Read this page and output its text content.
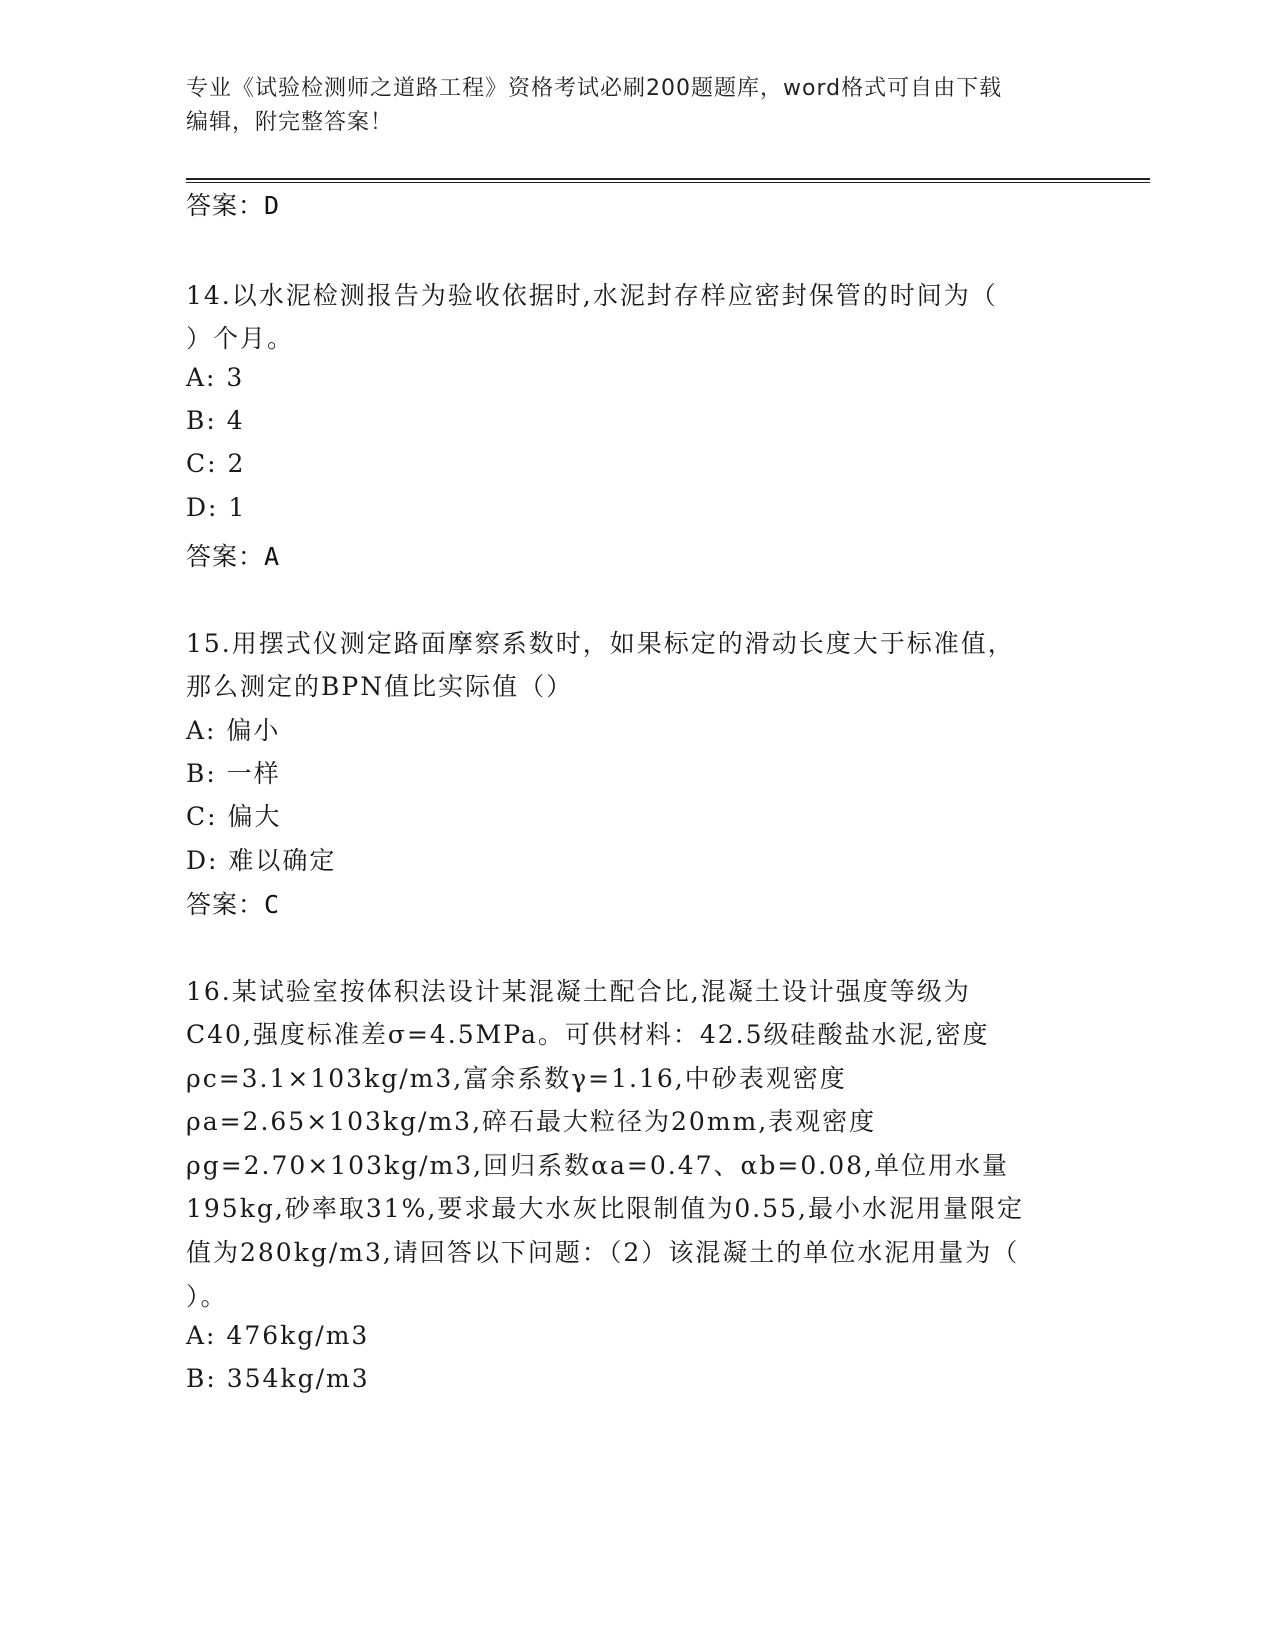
专业《试验检测师之道路工程》资格考试必刷200题题库，word格式可自由下载
编辑，附完整答案！
答案：D
14.以水泥检测报告为验收依据时,水泥封存样应密封保管的时间为（
）个月。
A: 3
B: 4
C: 2
D: 1
答案：A
15.用摆式仪测定路面摩察系数时，如果标定的滑动长度大于标准值，
那么测定的BPN值比实际值（）
A: 偏小
B: 一样
C: 偏大
D: 难以确定
答案：C
16.某试验室按体积法设计某混凝土配合比,混凝土设计强度等级为
C40,强度标准差σ=4.5MPa。可供材料：42.5级硅酸盐水泥,密度
ρc=3.1×103kg/m3,富余系数γ=1.16,中砂表观密度
ρa=2.65×103kg/m3,碎石最大粒径为20mm,表观密度
ρg=2.70×103kg/m3,回归系数αa=0.47、αb=0.08,单位用水量
195kg,砂率取31%,要求最大水灰比限制值为0.55,最小水泥用量限定
值为280kg/m3,请回答以下问题：（2）该混凝土的单位水泥用量为（
）。
A: 476kg/m3
B: 354kg/m3
